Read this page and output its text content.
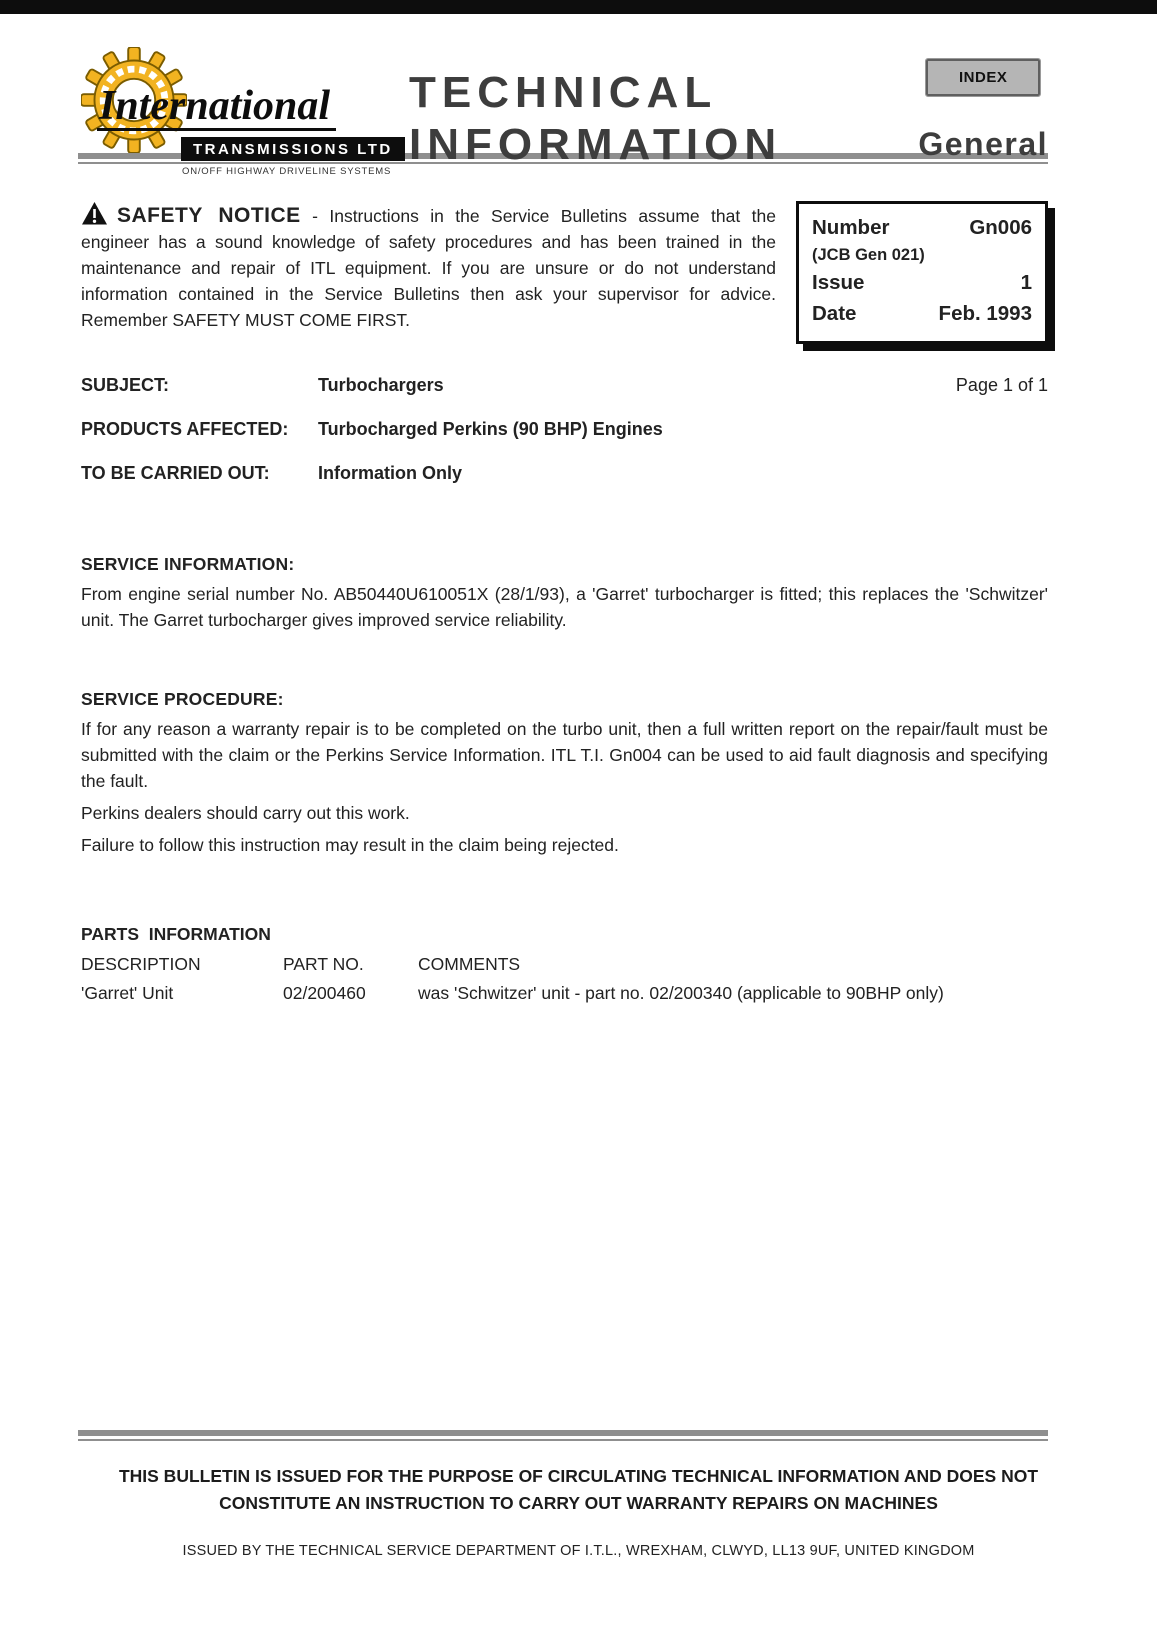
International
TRANSMISSIONS LTD
ON/OFF HIGHWAY DRIVELINE SYSTEMS
TECHNICAL
INFORMATION
INDEX
General

SAFETY NOTICE - Instructions in the Service Bulletins assume that the engineer has a sound knowledge of safety procedures and has been trained in the maintenance and repair of ITL equipment. If you are unsure or do not understand information contained in the Service Bulletins then ask your supervisor for advice. Remember SAFETY MUST COME FIRST.

Number	Gn006
(JCB Gen 021)
Issue	1
Date	Feb. 1993
SUBJECT:	Turbochargers	Page 1 of 1
PRODUCTS AFFECTED:	Turbocharged Perkins (90 BHP) Engines
TO BE CARRIED OUT:	Information Only
SERVICE INFORMATION:

From engine serial number No. AB50440U610051X (28/1/93), a 'Garret' turbocharger is fitted; this replaces the 'Schwitzer' unit. The Garret turbocharger gives improved service reliability.

SERVICE PROCEDURE:

If for any reason a warranty repair is to be completed on the turbo unit, then a full written report on the repair/fault must be submitted with the claim or the Perkins Service Information. ITL T.I. Gn004 can be used to aid fault diagnosis and specifying the fault.

Perkins dealers should carry out this work.

Failure to follow this instruction may result in the claim being rejected.

PARTS  INFORMATION
DESCRIPTION	PART NO.	COMMENTS
'Garret' Unit	02/200460	was 'Schwitzer' unit - part no. 02/200340 (applicable to 90BHP only)
THIS BULLETIN IS ISSUED FOR THE PURPOSE OF CIRCULATING TECHNICAL INFORMATION AND DOES NOT CONSTITUTE AN INSTRUCTION TO CARRY OUT WARRANTY REPAIRS ON MACHINES
ISSUED BY THE TECHNICAL SERVICE DEPARTMENT OF I.T.L., WREXHAM, CLWYD, LL13 9UF, UNITED KINGDOM
